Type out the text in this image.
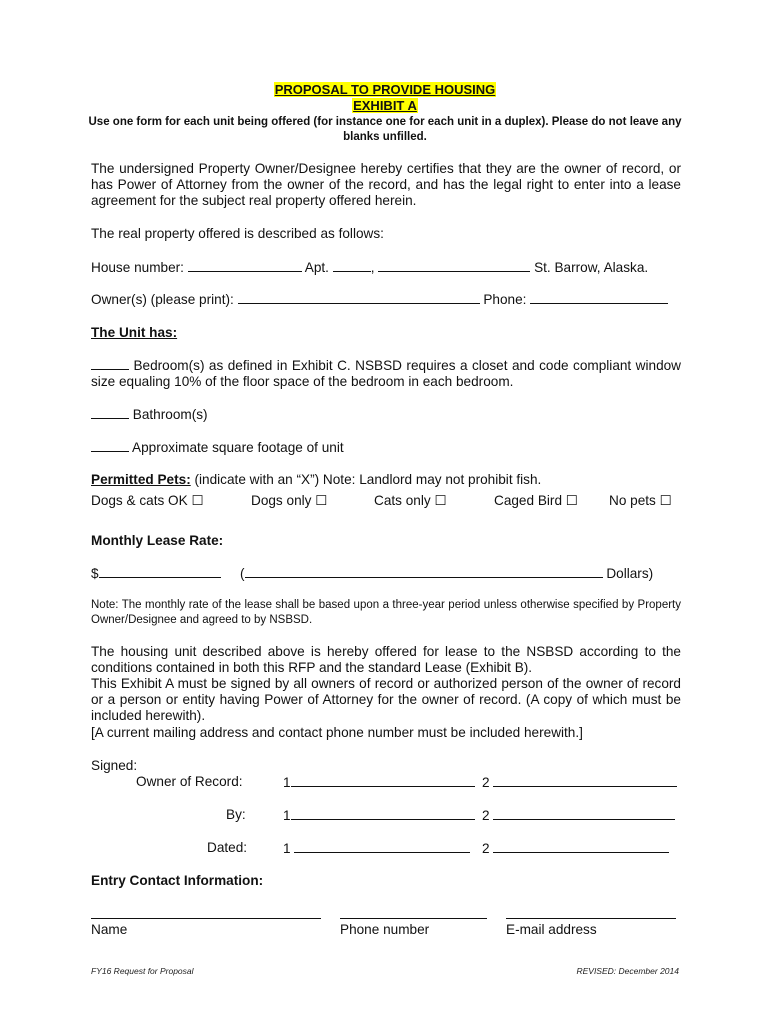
PROPOSAL TO PROVIDE HOUSING
EXHIBIT A
Use one form for each unit being offered (for instance one for each unit in a duplex). Please do not leave any blanks unfilled.
The undersigned Property Owner/Designee hereby certifies that they are the owner of record, or has Power of Attorney from the owner of the record, and has the legal right to enter into a lease agreement for the subject real property offered herein.
The real property offered is described as follows:
House number:	Apt.	,	St. Barrow, Alaska.
Owner(s) (please print):	Phone:
The Unit has:
Bedroom(s) as defined in Exhibit C. NSBSD requires a closet and code compliant window size equaling 10% of the floor space of the bedroom in each bedroom.
Bathroom(s)
Approximate square footage of unit
Permitted Pets: (indicate with an “X”) Note: Landlord may not prohibit fish.
Dogs & cats OK ☐	Dogs only ☐	Cats only ☐	Caged Bird ☐ No pets ☐
Monthly Lease Rate:
$	(	Dollars)
Note: The monthly rate of the lease shall be based upon a three-year period unless otherwise specified by Property Owner/Designee and agreed to by NSBSD.
The housing unit described above is hereby offered for lease to the NSBSD according to the conditions contained in both this RFP and the standard Lease (Exhibit B).
This Exhibit A must be signed by all owners of record or authorized person of the owner of record or a person or entity having Power of Attorney for the owner of record. (A copy of which must be included herewith).
[A current mailing address and contact phone number must be included herewith.]
Signed:
Owner of Record:	1	2
By:	1	2
Dated:	1	2
Entry Contact Information:
Name	Phone number	E-mail address
FY16 Request for Proposal	REVISED: December 2014
